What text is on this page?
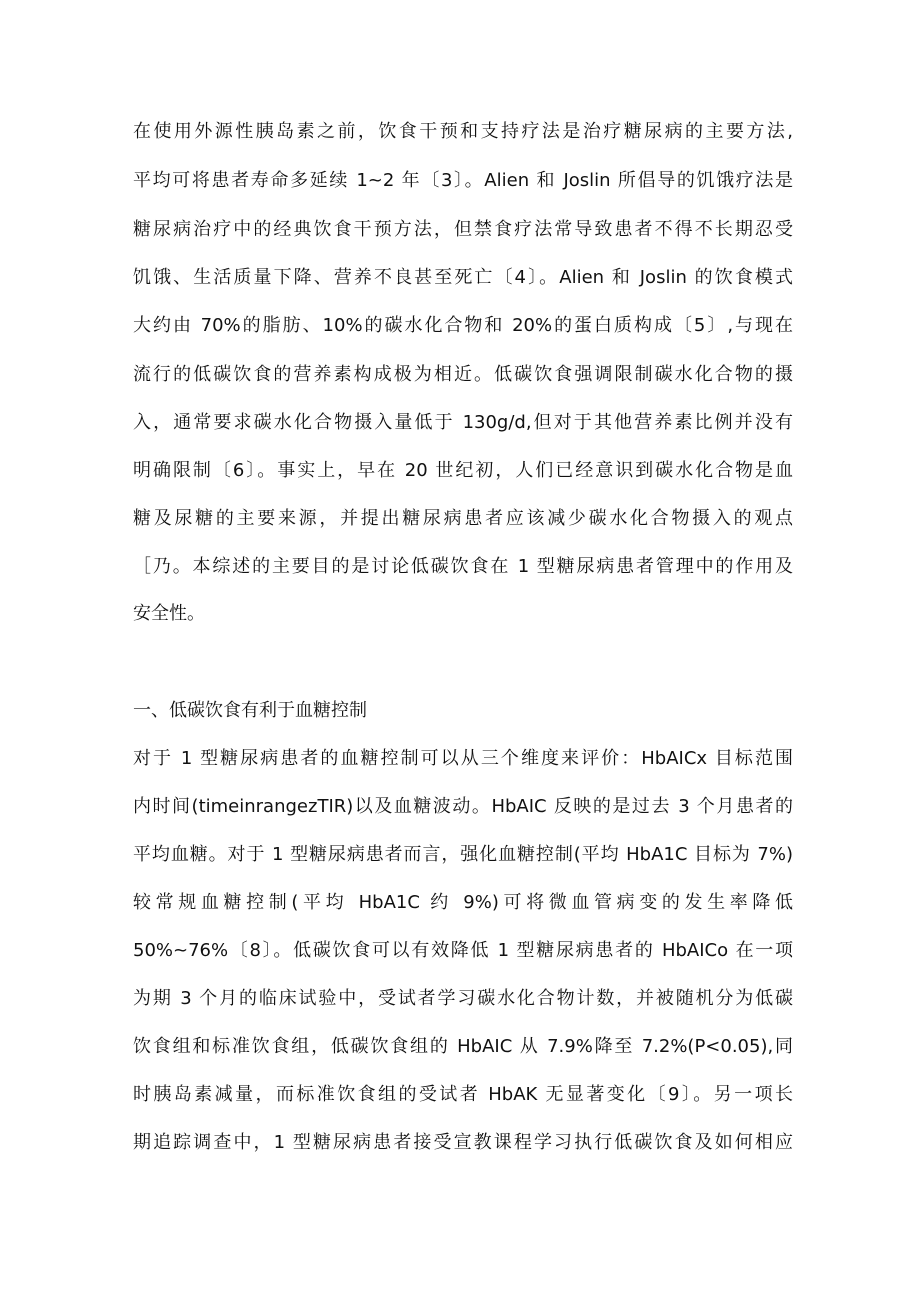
在使用外源性胰岛素之前，饮食干预和支持疗法是治疗糖尿病的主要方法,
平均可将患者寿命多延续 1~2 年〔3〕。Alien 和 Joslin 所倡导的饥饿疗法是
糖尿病治疗中的经典饮食干预方法，但禁食疗法常导致患者不得不长期忍受
饥饿、生活质量下降、营养不良甚至死亡〔4〕。Alien 和 Joslin 的饮食模式
大约由 70%的脂肪、10%的碳水化合物和 20%的蛋白质构成〔5〕,与现在
流行的低碳饮食的营养素构成极为相近。低碳饮食强调限制碳水化合物的摄
入，通常要求碳水化合物摄入量低于 130g/d,但对于其他营养素比例并没有
明确限制〔6〕。事实上，早在 20 世纪初，人们已经意识到碳水化合物是血
糖及尿糖的主要来源，并提出糖尿病患者应该减少碳水化合物摄入的观点
［乃。本综述的主要目的是讨论低碳饮食在 1 型糖尿病患者管理中的作用及
安全性。
一、低碳饮食有利于血糖控制
对于 1 型糖尿病患者的血糖控制可以从三个维度来评价：HbAICx 目标范围
内时间(timeinrangezTIR)以及血糖波动。HbAIC 反映的是过去 3 个月患者的
平均血糖。对于 1 型糖尿病患者而言，强化血糖控制(平均 HbA1C 目标为 7%)
较常规血糖控制(平均 HbA1C 约 9%)可将微血管病变的发生率降低
50%~76%〔8〕。低碳饮食可以有效降低 1 型糖尿病患者的 HbAICo 在一项
为期 3 个月的临床试验中，受试者学习碳水化合物计数，并被随机分为低碳
饮食组和标准饮食组，低碳饮食组的 HbAIC 从 7.9%降至 7.2%(P<0.05),同
时胰岛素减量，而标准饮食组的受试者 HbAK 无显著变化〔9〕。另一项长
期追踪调查中，1 型糖尿病患者接受宣教课程学习执行低碳饮食及如何相应
